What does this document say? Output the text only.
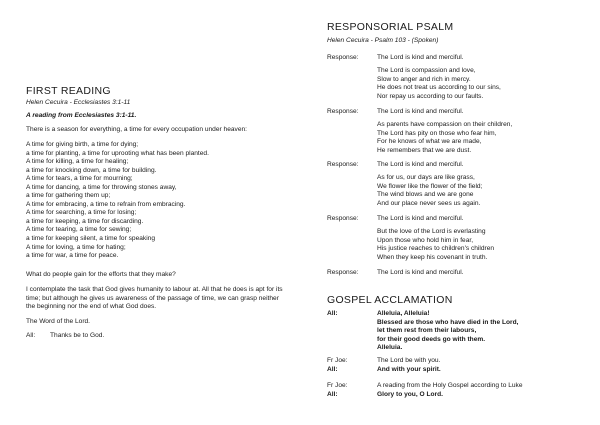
FIRST READING
Helen Cecuira - Ecclesiastes 3:1-11
A reading from Ecclesiastes 3:1-11.
There is a season for everything, a time for every occupation under heaven:
A time for giving birth, a time for dying;
a time for planting, a time for uprooting what has been planted.
A time for killing, a time for healing;
a time for knocking down, a time for building.
A time for tears, a time for mourning;
A time for dancing, a time for throwing stones away,
a time for gathering them up;
A time for embracing, a time to refrain from embracing.
A time for searching, a time for losing;
a time for keeping, a time for discarding.
A time for tearing, a time for sewing;
a time for keeping silent, a time for speaking
A time for loving, a time for hating;
a time for war, a time for peace.
What do people gain for the efforts that they make?
I contemplate the task that God gives humanity to labour at. All that he does is apt for its time; but although he gives us awareness of the passage of time, we can grasp neither the beginning nor the end of what God does.
The Word of the Lord.
All:	Thanks be to God.
RESPONSORIAL PSALM
Helen Cecuira - Psalm 103 - (Spoken)
Response:	The Lord is kind and merciful.
The Lord is compassion and love,
Slow to anger and rich in mercy.
He does not treat us according to our sins,
Nor repay us according to our faults.
Response:	The Lord is kind and merciful.
As parents have compassion on their children,
The Lord has pity on those who fear him,
For he knows of what we are made,
He remembers that we are dust.
Response:	The Lord is kind and merciful.
As for us, our days are like grass,
We flower like the flower of the field;
The wind blows and we are gone
And our place never sees us again.
Response:	The Lord is kind and merciful.
But the love of the Lord is everlasting
Upon those who hold him in fear,
His justice reaches to children's children
When they keep his covenant in truth.
Response:	The Lord is kind and merciful.
GOSPEL ACCLAMATION
All:	Alleluia, Alleluia!
Blessed are those who have died in the Lord,
let them rest from their labours,
for their good deeds go with them.
Alleluia.
Fr Joe:	The Lord be with you.
All:	And with your spirit.
Fr Joe:	A reading from the Holy Gospel according to Luke
All:	Glory to you, O Lord.
